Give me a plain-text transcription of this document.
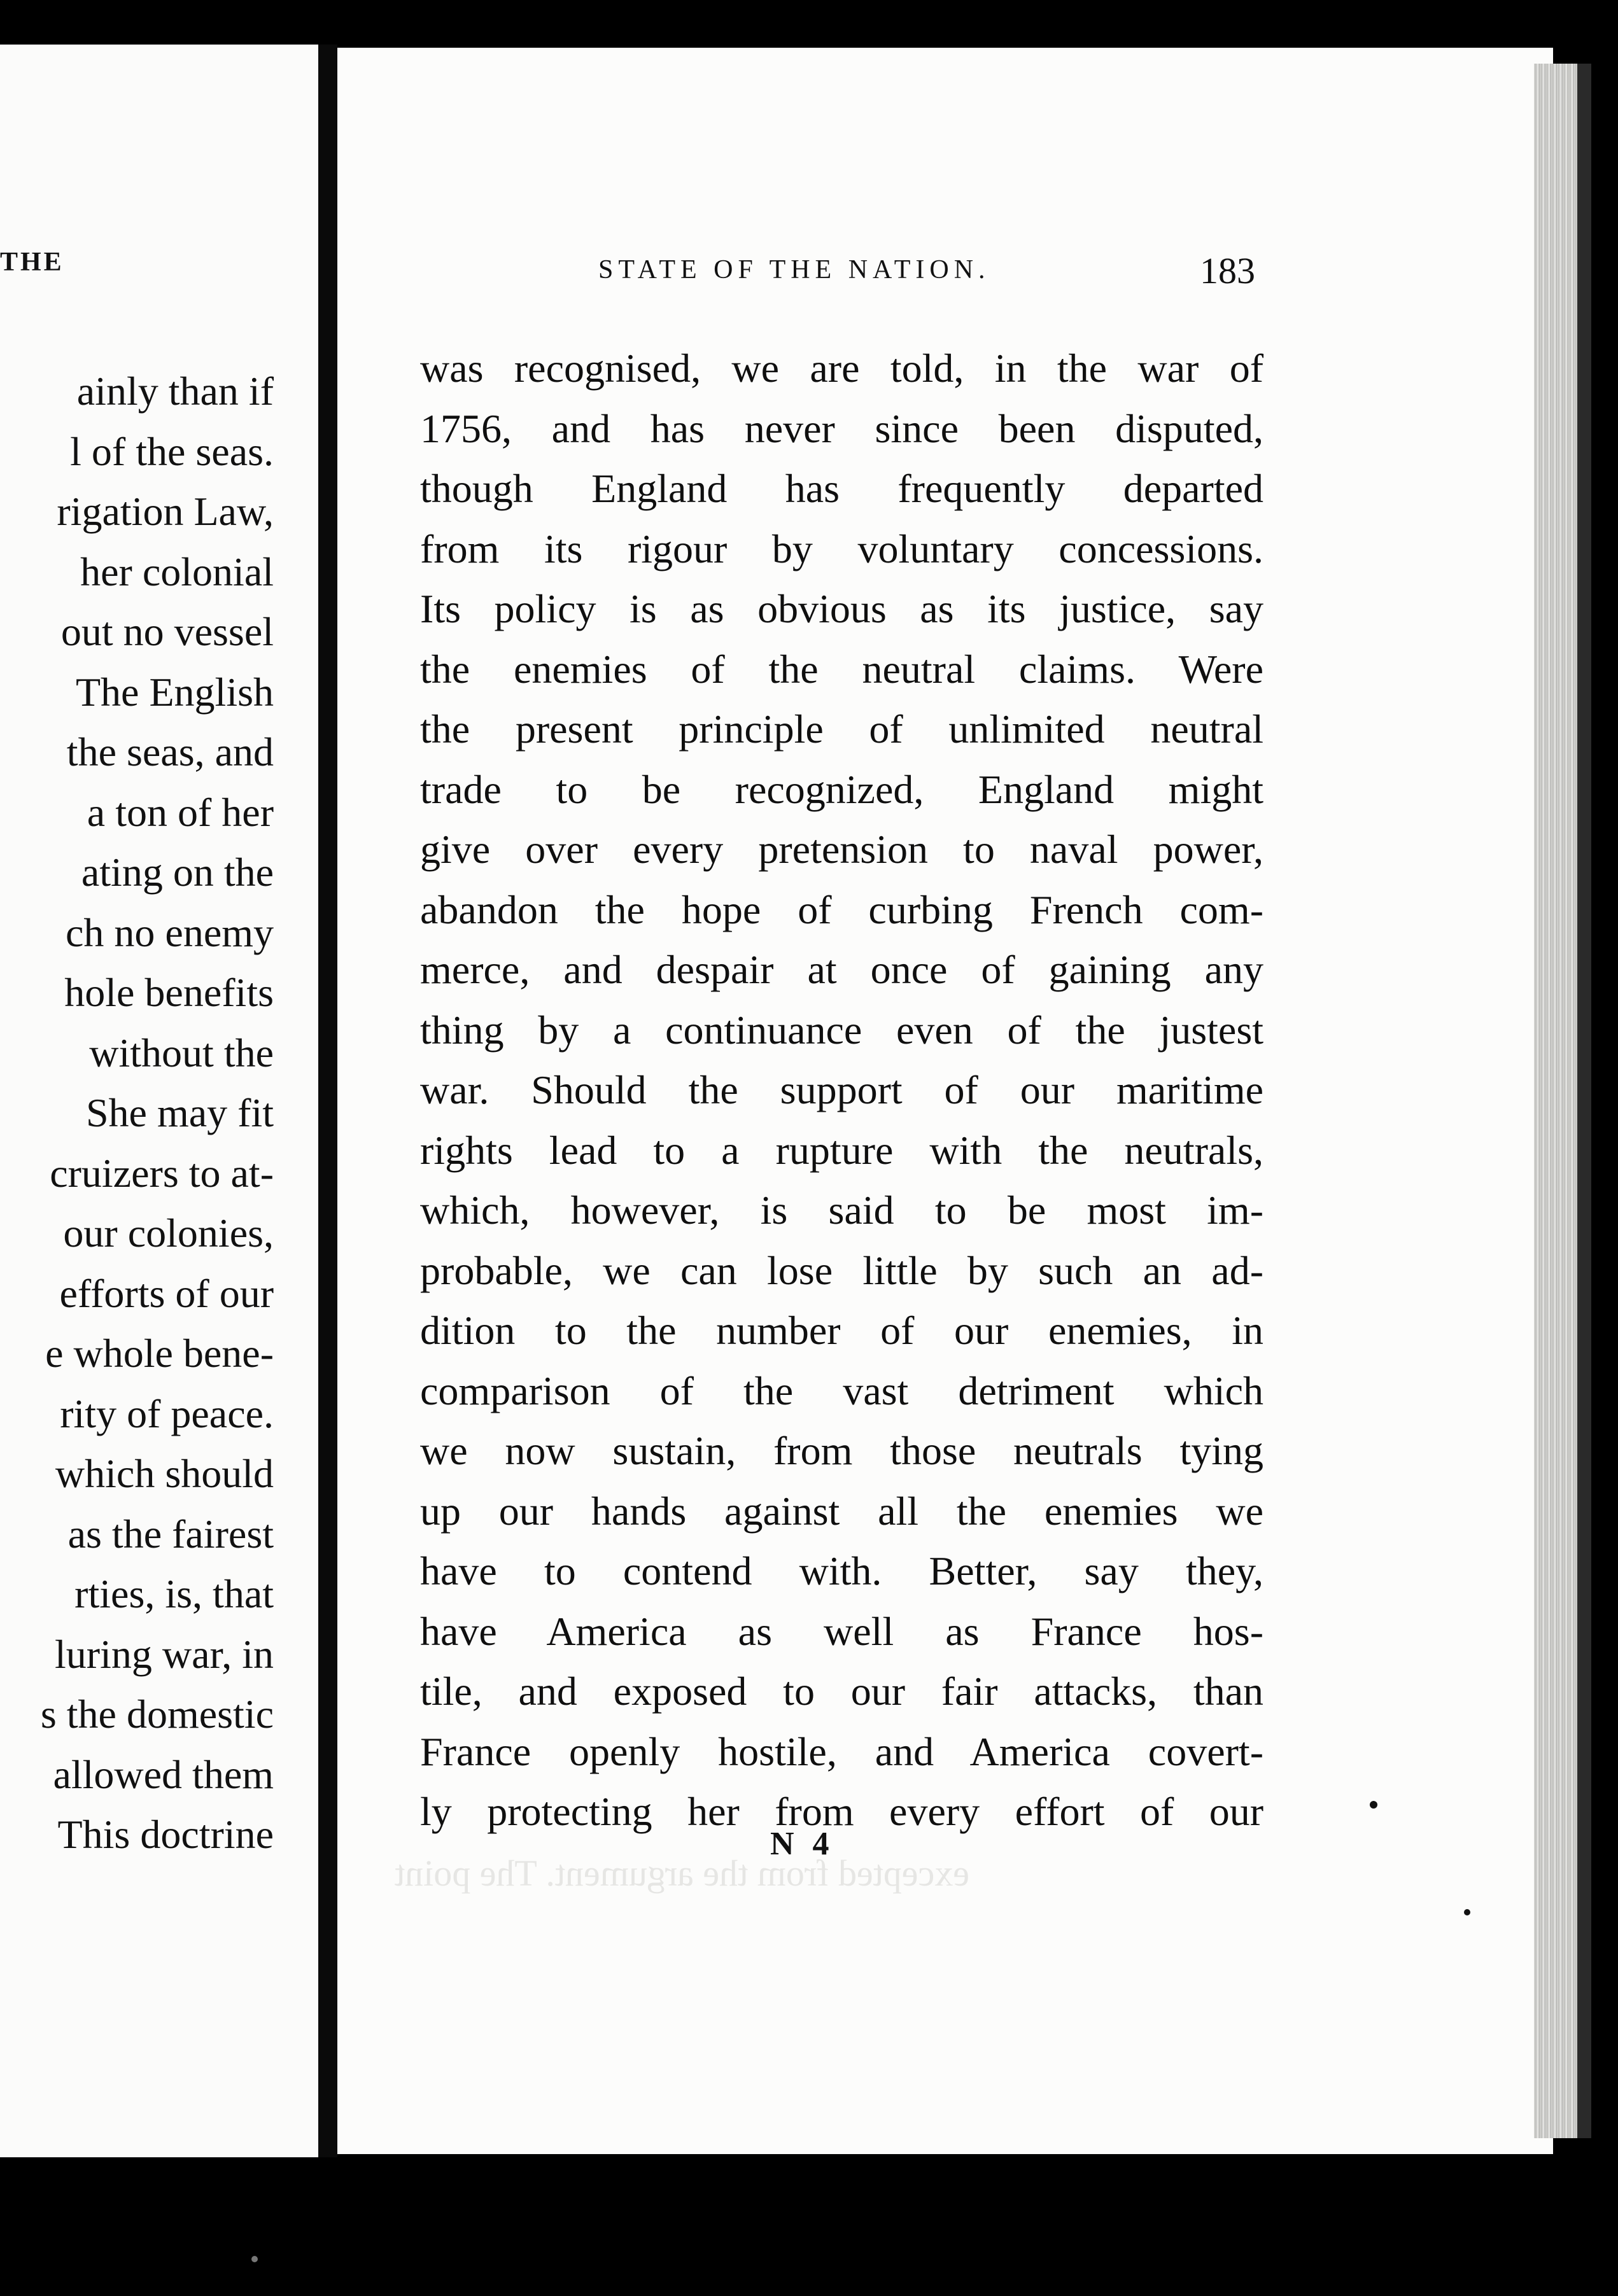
THE
ainly than if
l of the seas.
rigation Law,
her colonial
out no vessel
The English
the seas, and
a ton of her
ating on the
ch no enemy
hole benefits
without the
She may fit
cruizers to at-
our colonies,
efforts of our
e whole bene-
rity of peace.
which should
as the fairest
rties, is, that
luring war, in
s the domestic
allowed them
This doctrine
STATE OF THE NATION.	183
was recognised, we are told, in the war of
1756, and has never since been disputed,
though England has frequently departed
from its rigour by voluntary concessions.
Its policy is as obvious as its justice, say
the enemies of the neutral claims. Were
the present principle of unlimited neutral
trade to be recognized, England might
give over every pretension to naval power,
abandon the hope of curbing French com-
merce, and despair at once of gaining any
thing by a continuance even of the justest
war. Should the support of our maritime
rights lead to a rupture with the neutrals,
which, however, is said to be most im-
probable, we can lose little by such an ad-
dition to the number of our enemies, in
comparison of the vast detriment which
we now sustain, from those neutrals tying
up our hands against all the enemies we
have to contend with. Better, say they,
have America as well as France hos-
tile, and exposed to our fair attacks, than
France openly hostile, and America covert-
ly protecting her from every effort of our
excepted from the argument. The point
N 4
